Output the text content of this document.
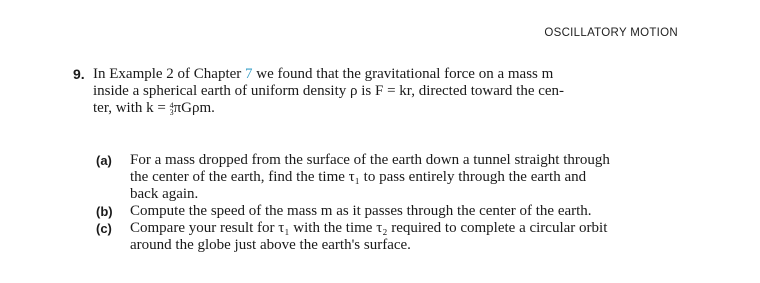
OSCILLATORY MOTION
9. In Example 2 of Chapter 7 we found that the gravitational force on a mass m
inside a spherical earth of uniform density ρ is F = kr, directed toward the cen-
ter, with k = 4
3 πGρm.
(a) For a mass dropped from the surface of the earth down a tunnel straight through
the center of the earth, find the time τ₁ to pass entirely through the earth and
back again.
(b) Compute the speed of the mass m as it passes through the center of the earth.
(c) Compare your result for τ₁ with the time τ₂ required to complete a circular orbit
around the globe just above the earth's surface.
